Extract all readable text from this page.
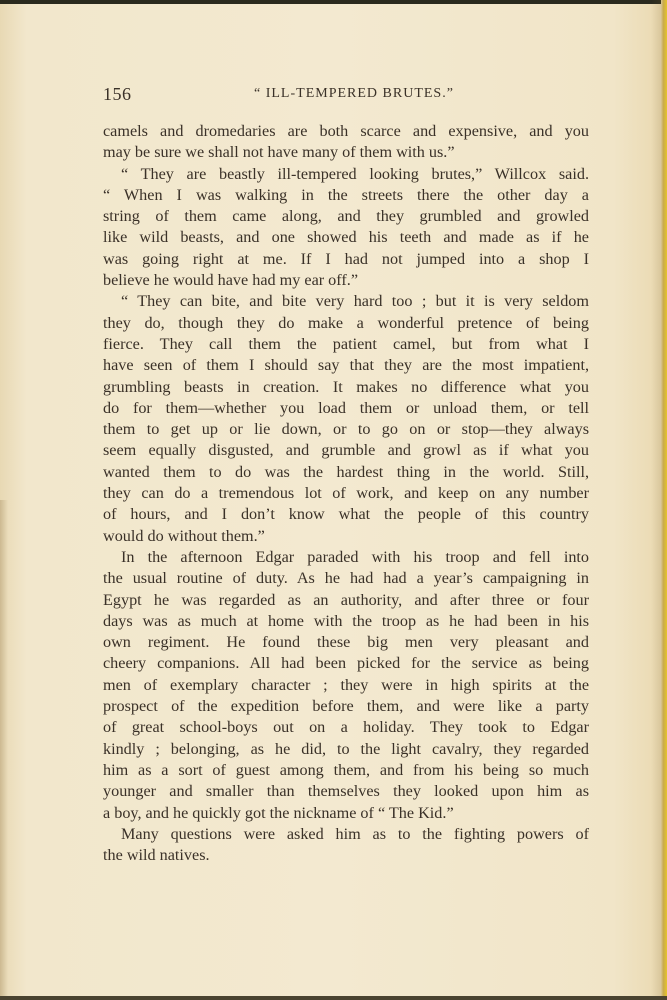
156	“ ILL-TEMPERED BRUTES.”
camels and dromedaries are both scarce and expensive, and you
may be sure we shall not have many of them with us.”
“ They are beastly ill-tempered looking brutes,” Willcox said.
“ When I was walking in the streets there the other day a
string of them came along, and they grumbled and growled
like wild beasts, and one showed his teeth and made as if he
was going right at me. If I had not jumped into a shop I
believe he would have had my ear off.”
“ They can bite, and bite very hard too ; but it is very seldom
they do, though they do make a wonderful pretence of being
fierce. They call them the patient camel, but from what I
have seen of them I should say that they are the most impatient,
grumbling beasts in creation. It makes no difference what you
do for them—whether you load them or unload them, or tell
them to get up or lie down, or to go on or stop—they always
seem equally disgusted, and grumble and growl as if what you
wanted them to do was the hardest thing in the world. Still,
they can do a tremendous lot of work, and keep on any number
of hours, and I don’t know what the people of this country
would do without them.”
In the afternoon Edgar paraded with his troop and fell into
the usual routine of duty. As he had had a year’s campaigning in
Egypt he was regarded as an authority, and after three or four
days was as much at home with the troop as he had been in his
own regiment. He found these big men very pleasant and
cheery companions. All had been picked for the service as being
men of exemplary character ; they were in high spirits at the
prospect of the expedition before them, and were like a party
of great school-boys out on a holiday. They took to Edgar
kindly ; belonging, as he did, to the light cavalry, they regarded
him as a sort of guest among them, and from his being so much
younger and smaller than themselves they looked upon him as
a boy, and he quickly got the nickname of “ The Kid.”
Many questions were asked him as to the fighting powers of
the wild natives.
